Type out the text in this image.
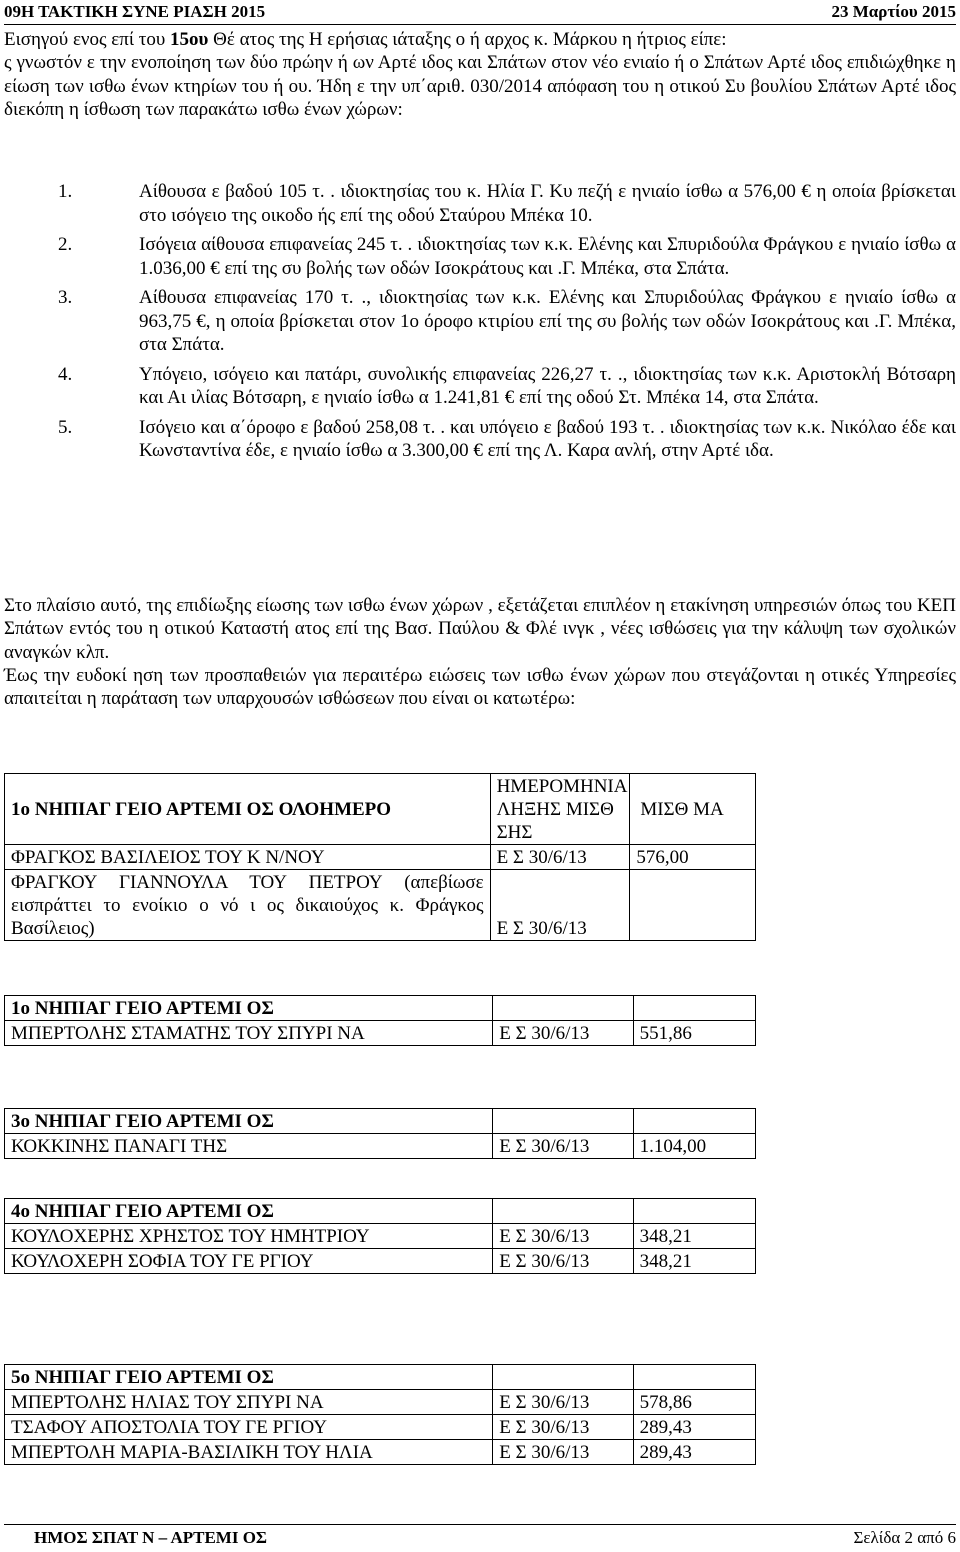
09Η ΤΑΚΤΙΚΗ ΣΥΝΕ ΡΙΑΣΗ 2015	23 Μαρτίου 2015

Εισηγού ενος επί του 15ου Θέ ατος της Η ερήσιας ιάταξης ο ή αρχος κ. Μάρκου η ήτριος είπε:

ς γνωστόν ε την ενοποίηση των δύο πρώην ή ων Αρτέ ιδος και Σπάτων στον νέο ενιαίο ή ο Σπάτων Αρτέ ιδος επιδιώχθηκε η είωση των ισθω ένων κτηρίων του ή ου. Ήδη ε την υπ΄αριθ. 030/2014 απόφαση του η οτικού Συ βουλίου Σπάτων Αρτέ ιδος διεκόπη η ίσθωση των παρακάτω ισθω ένων χώρων:

1.	Αίθουσα ε βαδού 105 τ. . ιδιοκτησίας του κ. Ηλία Γ. Κυ πεζή ε ηνιαίο ίσθω α 576,00 € η οποία βρίσκεται στο ισόγειο της οικοδο ής επί της οδού Σταύρου Μπέκα 10.
2.	Ισόγεια αίθουσα επιφανείας 245 τ. . ιδιοκτησίας των κ.κ. Ελένης και Σπυριδούλα Φράγκου ε ηνιαίο ίσθω α 1.036,00 € επί της συ βολής των οδών Ισοκράτους και .Γ. Μπέκα, στα Σπάτα.
3.	Αίθουσα επιφανείας 170 τ. ., ιδιοκτησίας των κ.κ. Ελένης και Σπυριδούλας Φράγκου ε ηνιαίο ίσθω α 963,75 €, η οποία βρίσκεται στον 1ο όροφο κτιρίου επί της συ βολής των οδών Ισοκράτους και .Γ. Μπέκα, στα Σπάτα.
4.	Υπόγειο, ισόγειο και πατάρι, συνολικής επιφανείας 226,27 τ. ., ιδιοκτησίας των κ.κ. Αριστοκλή Βότσαρη και Αι ιλίας Βότσαρη, ε ηνιαίο ίσθω α 1.241,81 € επί της οδού Στ. Μπέκα 14, στα Σπάτα.
5.	Ισόγειο και α΄όροφο ε βαδού 258,08 τ. . και υπόγειο ε βαδού 193 τ. . ιδιοκτησίας των κ.κ. Νικόλαο έδε και Κωνσταντίνα έδε, ε ηνιαίο ίσθω α 3.300,00 € επί της Λ. Καρα ανλή, στην Αρτέ ιδα.

Στο πλαίσιο αυτό, της επιδίωξης είωσης των ισθω ένων χώρων , εξετάζεται επιπλέον η ετακίνηση υπηρεσιών όπως του ΚΕΠ Σπάτων εντός του η οτικού Καταστή ατος επί της Βασ. Παύλου & Φλέ ινγκ , νέες ισθώσεις για την κάλυψη των σχολικών αναγκών κλπ.

Έως την ευδοκί ηση των προσπαθειών για περαιτέρω ειώσεις των ισθω ένων χώρων που στεγάζονται η οτικές Υπηρεσίες απαιτείται η παράταση των υπαρχουσών ισθώσεων που είναι οι κατωτέρω:

1ο ΝΗΠΙΑΓ ΓΕΙΟ ΑΡΤΕΜΙ ΟΣ ΟΛΟΗΜΕΡΟ	ΗΜΕΡΟΜΗΝΙΑ ΛΗΞΗΣ ΜΙΣΘ ΣΗΣ	ΜΙΣΘ ΜΑ
ΦΡΑΓΚΟΣ ΒΑΣΙΛΕΙΟΣ ΤΟΥ Κ Ν/ΝΟΥ	Ε Σ 30/6/13	576,00
ΦΡΑΓΚΟΥ ΓΙΑΝΝΟΥΛΑ ΤΟΥ ΠΕΤΡΟΥ (απεβίωσε εισπράττει το ενοίκιο ο νό ι ος δικαιούχος κ. Φράγκος Βασίλειος)	Ε Σ 30/6/13	
1ο ΝΗΠΙΑΓ ΓΕΙΟ ΑΡΤΕΜΙ ΟΣ		
ΜΠΕΡΤΟΛΗΣ ΣΤΑΜΑΤΗΣ ΤΟΥ ΣΠΥΡΙ ΝΑ	Ε Σ 30/6/13	551,86
3ο ΝΗΠΙΑΓ ΓΕΙΟ ΑΡΤΕΜΙ ΟΣ		
ΚΟΚΚΙΝΗΣ ΠΑΝΑΓΙ ΤΗΣ	Ε Σ 30/6/13	1.104,00
4ο ΝΗΠΙΑΓ ΓΕΙΟ ΑΡΤΕΜΙ ΟΣ		
ΚΟΥΛΟΧΕΡΗΣ ΧΡΗΣΤΟΣ ΤΟΥ ΗΜΗΤΡΙΟΥ	Ε Σ 30/6/13	348,21
ΚΟΥΛΟΧΕΡΗ ΣΟΦΙΑ ΤΟΥ ΓΕ ΡΓΙΟΥ	Ε Σ 30/6/13	348,21
5ο ΝΗΠΙΑΓ ΓΕΙΟ ΑΡΤΕΜΙ ΟΣ		
ΜΠΕΡΤΟΛΗΣ ΗΛΙΑΣ ΤΟΥ ΣΠΥΡΙ ΝΑ	Ε Σ 30/6/13	578,86
ΤΣΑΦΟΥ ΑΠΟΣΤΟΛΙΑ ΤΟΥ ΓΕ ΡΓΙΟΥ	Ε Σ 30/6/13	289,43
ΜΠΕΡΤΟΛΗ ΜΑΡΙΑ-ΒΑΣΙΛΙΚΗ ΤΟΥ ΗΛΙΑ	Ε Σ 30/6/13	289,43
ΗΜΟΣ ΣΠΑΤ Ν – ΑΡΤΕΜΙ ΟΣ	Σελίδα 2 από 6
